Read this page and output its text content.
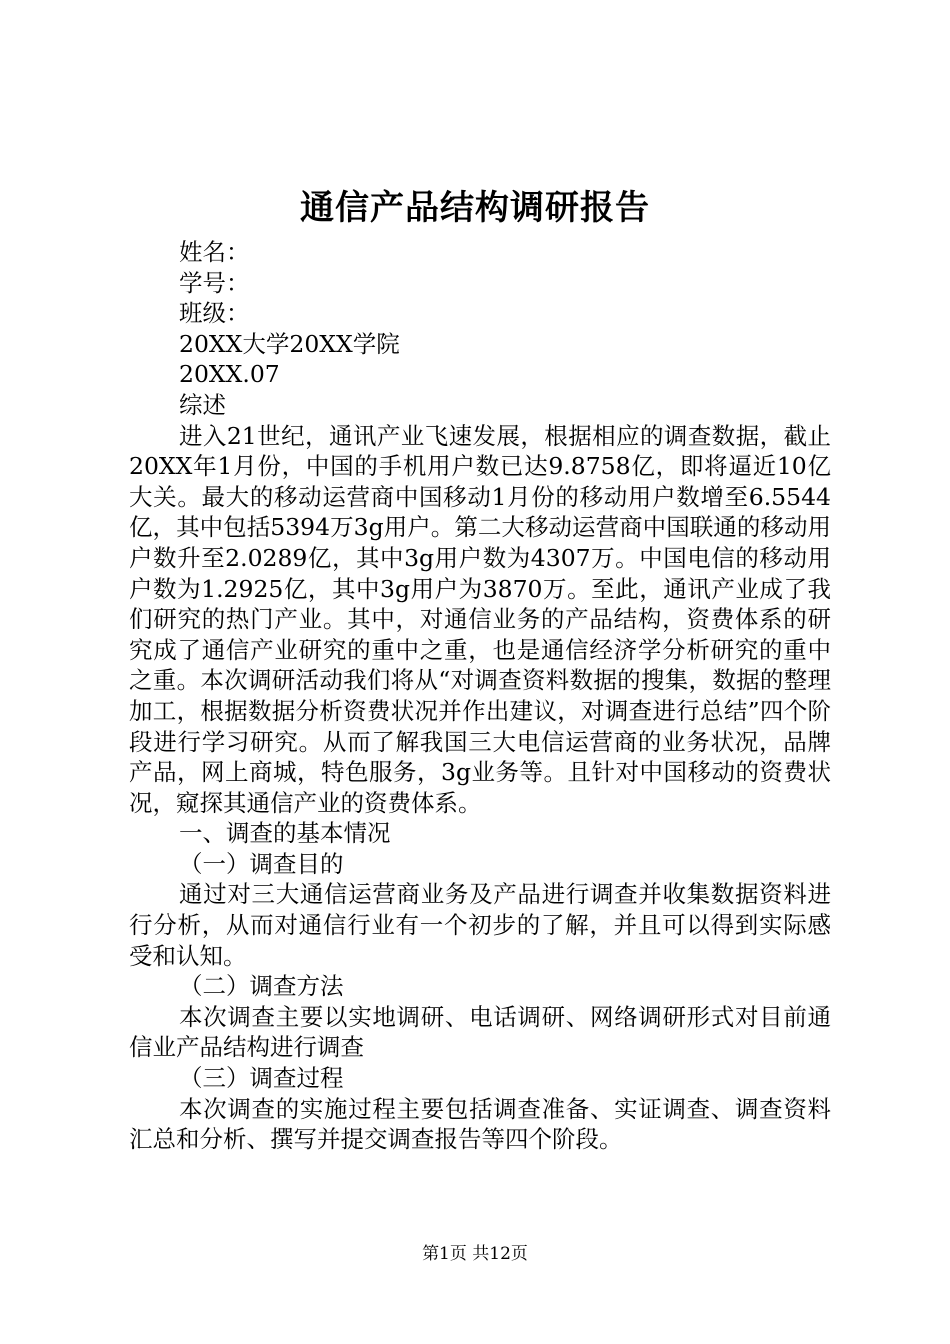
通信产品结构调研报告

姓名：

学号：

班级：

20XX大学20XX学院

20XX.07

综述

进入21世纪，通讯产业飞速发展，根据相应的调查数据，截止20XX年1月份，中国的手机用户数已达9.8758亿，即将逼近10亿大关。最大的移动运营商中国移动1月份的移动用户数增至6.5544亿，其中包括5394万3g用户。第二大移动运营商中国联通的移动用户数升至2.0289亿，其中3g用户数为4307万。中国电信的移动用户数为1.2925亿，其中3g用户为3870万。至此，通讯产业成了我们研究的热门产业。其中，对通信业务的产品结构，资费体系的研究成了通信产业研究的重中之重，也是通信经济学分析研究的重中之重。本次调研活动我们将从“对调查资料数据的搜集，数据的整理加工，根据数据分析资费状况并作出建议，对调查进行总结”四个阶段进行学习研究。从而了解我国三大电信运营商的业务状况，品牌产品，网上商城，特色服务，3g业务等。且针对中国移动的资费状况，窥探其通信产业的资费体系。

一、调查的基本情况

（一）调查目的

通过对三大通信运营商业务及产品进行调查并收集数据资料进行分析，从而对通信行业有一个初步的了解，并且可以得到实际感受和认知。

（二）调查方法

本次调查主要以实地调研、电话调研、网络调研形式对目前通信业产品结构进行调查

（三）调查过程

本次调查的实施过程主要包括调查准备、实证调查、调查资料汇总和分析、撰写并提交调查报告等四个阶段。

第1页 共12页
